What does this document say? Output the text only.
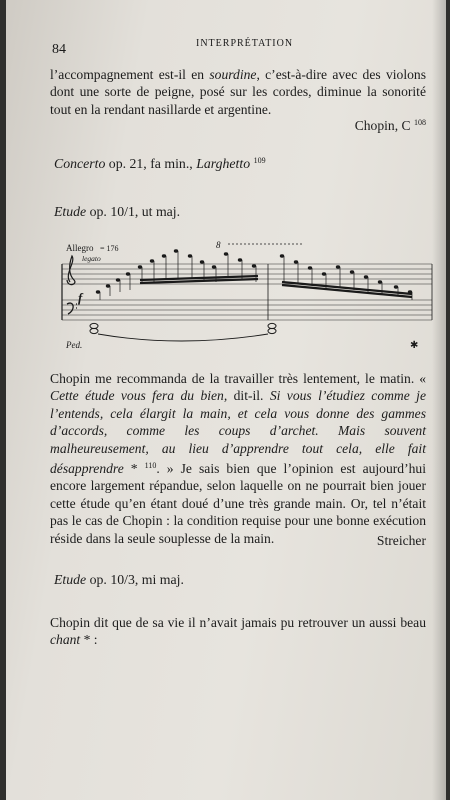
84	INTERPRÉTATION
l’accompagnement est-il en sourdine, c’est-à-dire avec des violons dont une sorte de peigne, posé sur les cordes, diminue la sonorité tout en la rendant nasillarde et argentine.
Chopin, C $^{108}$
Concerto op. 21, fa min., Larghetto $^{109}$
Etude op. 10/1, ut maj.
Allegro = 176
legato
8
f
Ped.	✱
Chopin me recommanda de la travailler très lentement, le matin. « Cette étude vous fera du bien, dit-il. Si vous l’étudiez comme je l’entends, cela élargit la main, et cela vous donne des gammes d’accords, comme les coups d’archet. Mais souvent malheureusement, au lieu d’apprendre tout cela, elle fait désapprendre * $^{110}$. » Je sais bien que l’opinion est aujourd’hui encore largement répandue, selon laquelle on ne pourrait bien jouer cette étude qu’en étant doué d’une très grande main. Or, tel n’était pas le cas de Chopin : la condition requise pour une bonne exécution réside dans la seule souplesse de la main.	Streicher
Etude op. 10/3, mi maj.
Chopin dit que de sa vie il n’avait jamais pu retrouver un aussi beau chant * :
